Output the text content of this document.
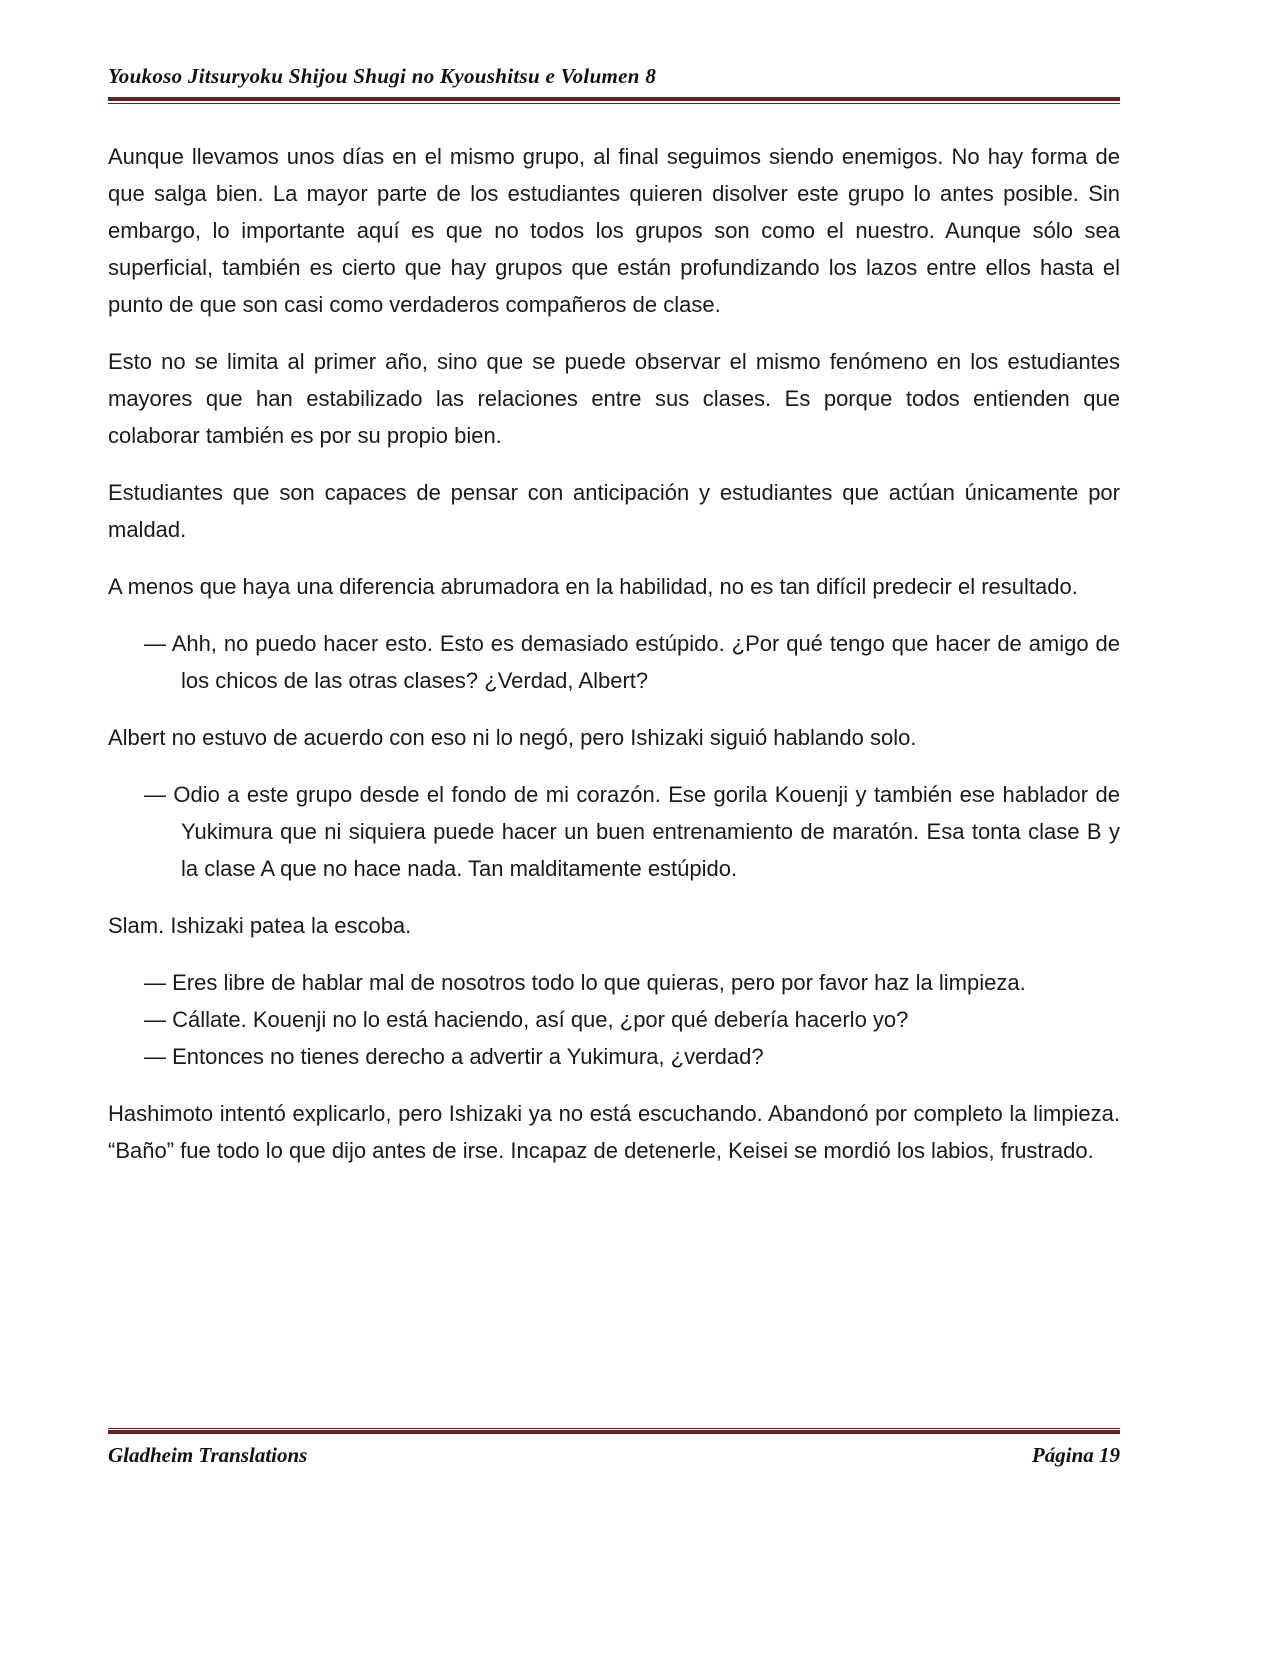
Youkoso Jitsuryoku Shijou Shugi no Kyoushitsu e Volumen 8

Aunque llevamos unos días en el mismo grupo, al final seguimos siendo enemigos. No hay forma de que salga bien. La mayor parte de los estudiantes quieren disolver este grupo lo antes posible. Sin embargo, lo importante aquí es que no todos los grupos son como el nuestro. Aunque sólo sea superficial, también es cierto que hay grupos que están profundizando los lazos entre ellos hasta el punto de que son casi como verdaderos compañeros de clase.

Esto no se limita al primer año, sino que se puede observar el mismo fenómeno en los estudiantes mayores que han estabilizado las relaciones entre sus clases. Es porque todos entienden que colaborar también es por su propio bien.

Estudiantes que son capaces de pensar con anticipación y estudiantes que actúan únicamente por maldad.

A menos que haya una diferencia abrumadora en la habilidad, no es tan difícil predecir el resultado.

— Ahh, no puedo hacer esto. Esto es demasiado estúpido. ¿Por qué tengo que hacer de amigo de los chicos de las otras clases? ¿Verdad, Albert?

Albert no estuvo de acuerdo con eso ni lo negó, pero Ishizaki siguió hablando solo.

— Odio a este grupo desde el fondo de mi corazón. Ese gorila Kouenji y también ese hablador de Yukimura que ni siquiera puede hacer un buen entrenamiento de maratón. Esa tonta clase B y la clase A que no hace nada. Tan malditamente estúpido.

Slam. Ishizaki patea la escoba.

— Eres libre de hablar mal de nosotros todo lo que quieras, pero por favor haz la limpieza.

— Cállate. Kouenji no lo está haciendo, así que, ¿por qué debería hacerlo yo?

— Entonces no tienes derecho a advertir a Yukimura, ¿verdad?

Hashimoto intentó explicarlo, pero Ishizaki ya no está escuchando. Abandonó por completo la limpieza. “Baño” fue todo lo que dijo antes de irse. Incapaz de detenerle, Keisei se mordió los labios, frustrado.

Gladheim Translations	Página 19
